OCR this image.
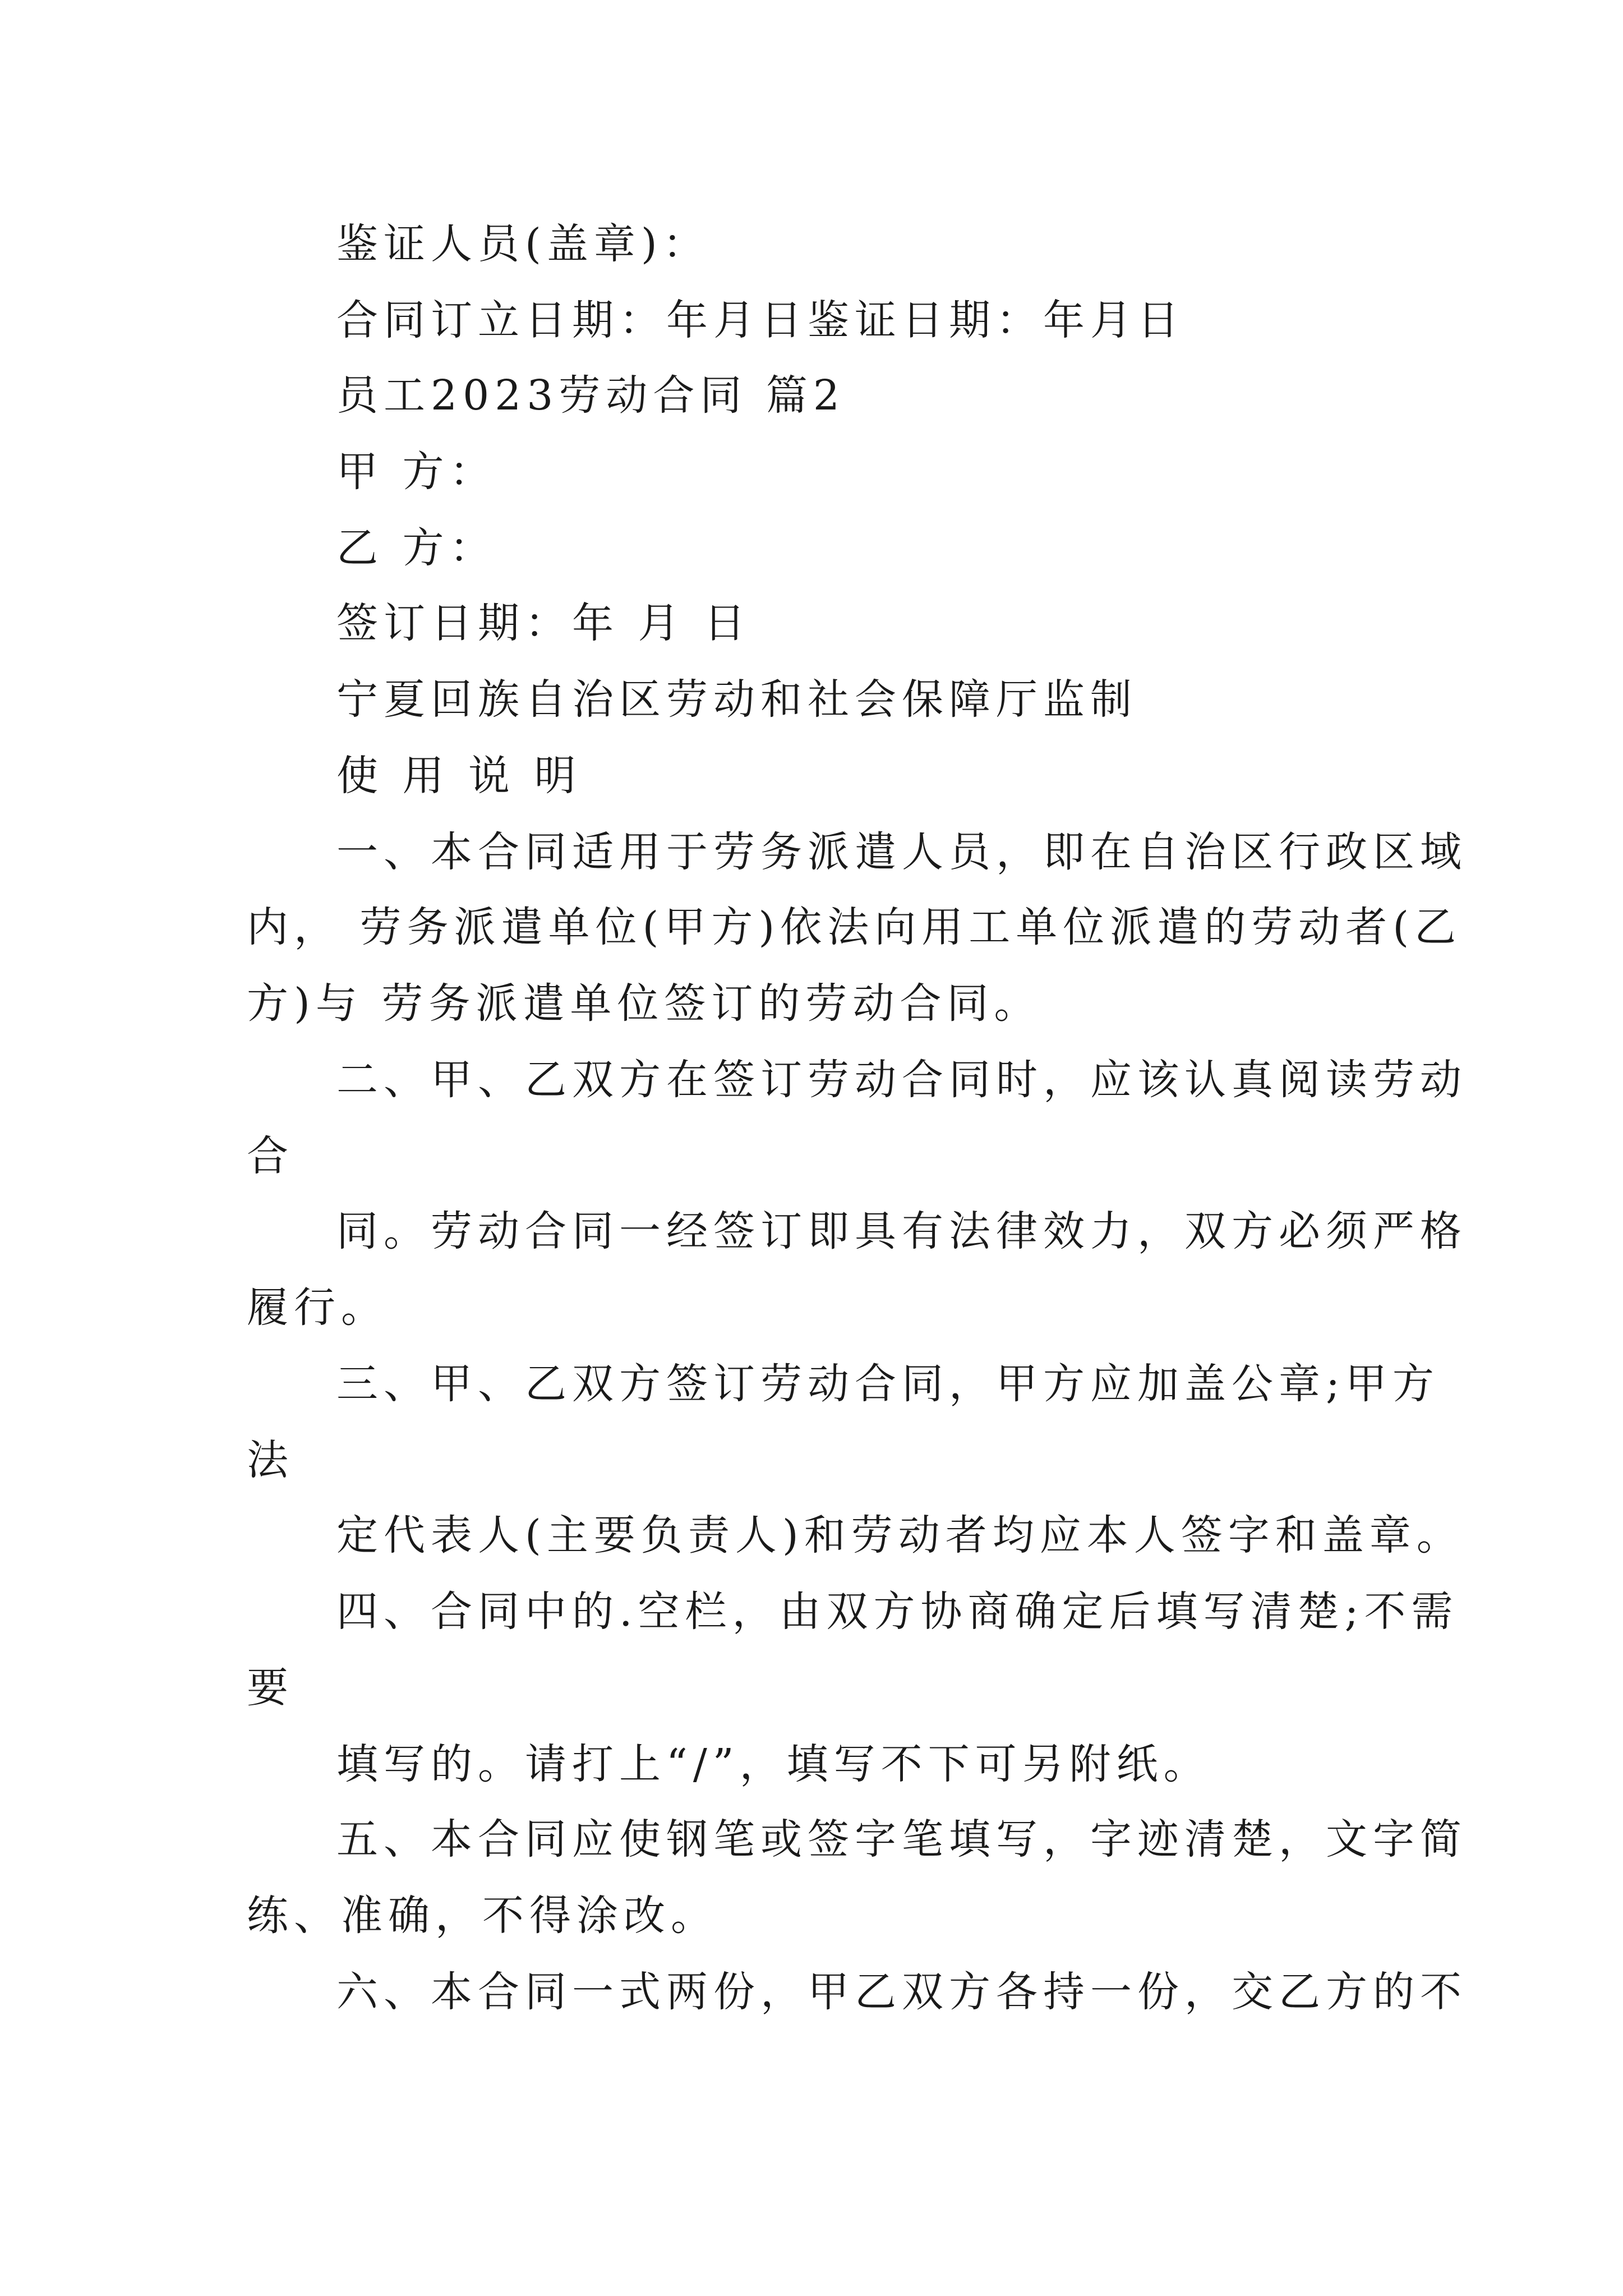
鉴证人员(盖章)：
合同订立日期：年月日鉴证日期：年月日
员工2023劳动合同 篇2
甲 方：
乙 方：
签订日期：年 月 日
宁夏回族自治区劳动和社会保障厅监制
使 用 说 明
一、本合同适用于劳务派遣人员，即在自治区行政区域
内， 劳务派遣单位(甲方)依法向用工单位派遣的劳动者(乙
方)与 劳务派遣单位签订的劳动合同。
二、甲、乙双方在签订劳动合同时，应该认真阅读劳动
合
同。劳动合同一经签订即具有法律效力，双方必须严格
履行。
三、甲、乙双方签订劳动合同，甲方应加盖公章;甲方
法
定代表人(主要负责人)和劳动者均应本人签字和盖章。
四、合同中的.空栏，由双方协商确定后填写清楚;不需
要
填写的。请打上“/”，填写不下可另附纸。
五、本合同应使钢笔或签字笔填写，字迹清楚，文字简
练、准确，不得涂改。
六、本合同一式两份，甲乙双方各持一份，交乙方的不
